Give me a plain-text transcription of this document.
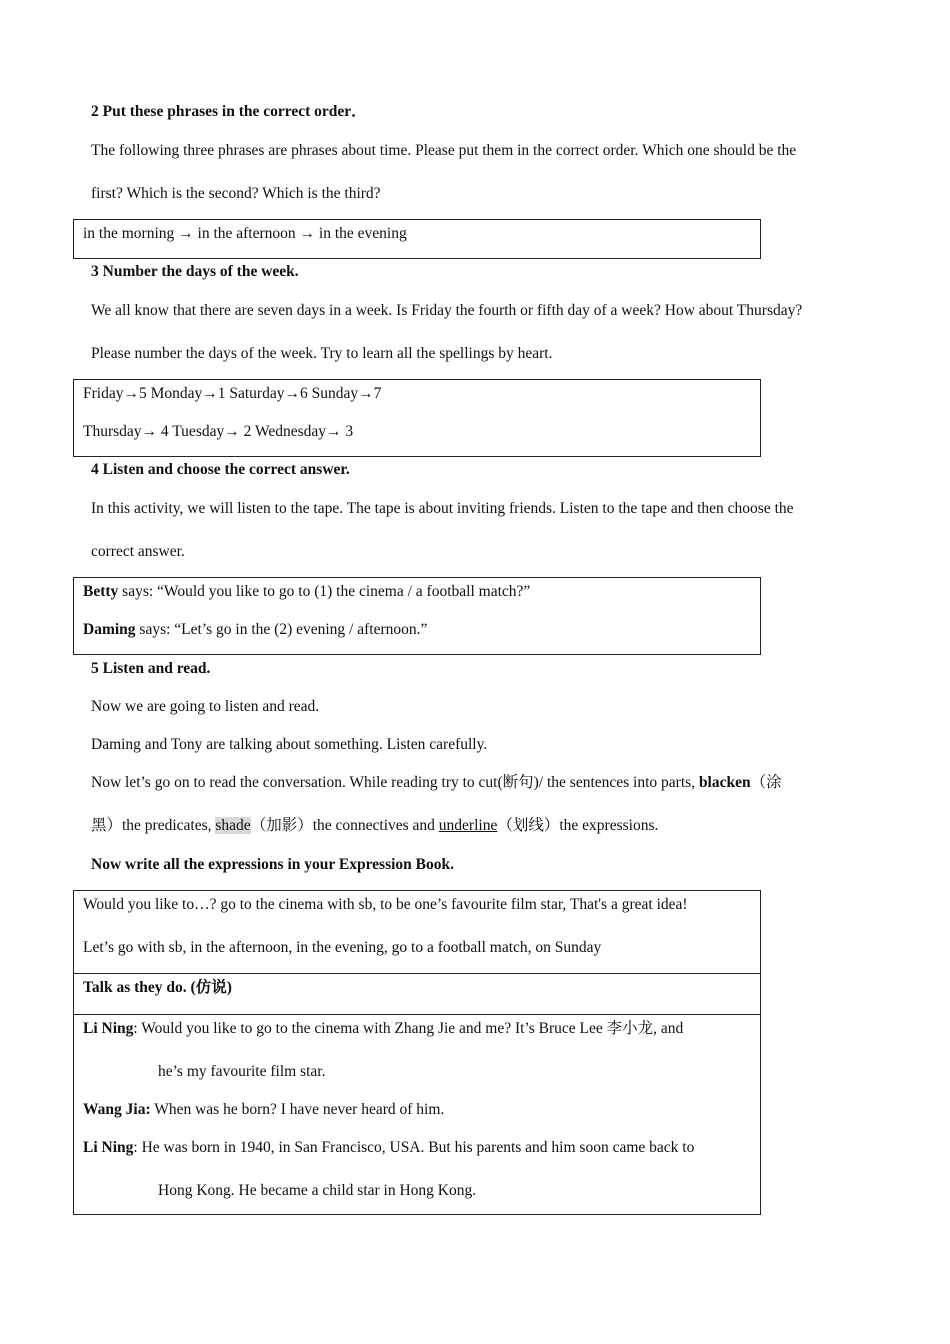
2 Put these phrases in the correct order．
The following three phrases are phrases about time. Please put them in the correct order. Which one should be the
first? Which is the second? Which is the third?
in the morning → in the afternoon → in the evening
3 Number the days of the week.
We all know that there are seven days in a week. Is Friday the fourth or fifth day of a week? How about Thursday?
Please number the days of the week. Try to learn all the spellings by heart.
Friday→5 Monday→1 Saturday→6 Sunday→7
Thursday→ 4 Tuesday→ 2 Wednesday→ 3
4 Listen and choose the correct answer.
In this activity, we will listen to the tape. The tape is about inviting friends. Listen to the tape and then choose the
correct answer.
Betty says: “Would you like to go to (1) the cinema / a football match?”
Daming says: “Let’s go in the (2) evening / afternoon.”
5 Listen and read.
Now we are going to listen and read.
Daming and Tony are talking about something. Listen carefully.
Now let’s go on to read the conversation. While reading try to cut(断句)/ the sentences into parts, blacken（涂
黑）the predicates, shade（加影）the connectives and underline（划线）the expressions.
Now write all the expressions in your Expression Book.
Would you like to…? go to the cinema with sb, to be one’s favourite film star, That's a great idea!
Let’s go with sb, in the afternoon, in the evening, go to a football match, on Sunday
Talk as they do. (仿说)
Li Ning: Would you like to go to the cinema with Zhang Jie and me? It’s Bruce Lee 李小龙, and
he’s my favourite film star.
Wang Jia: When was he born? I have never heard of him.
Li Ning: He was born in 1940, in San Francisco, USA. But his parents and him soon came back to
Hong Kong. He became a child star in Hong Kong.
